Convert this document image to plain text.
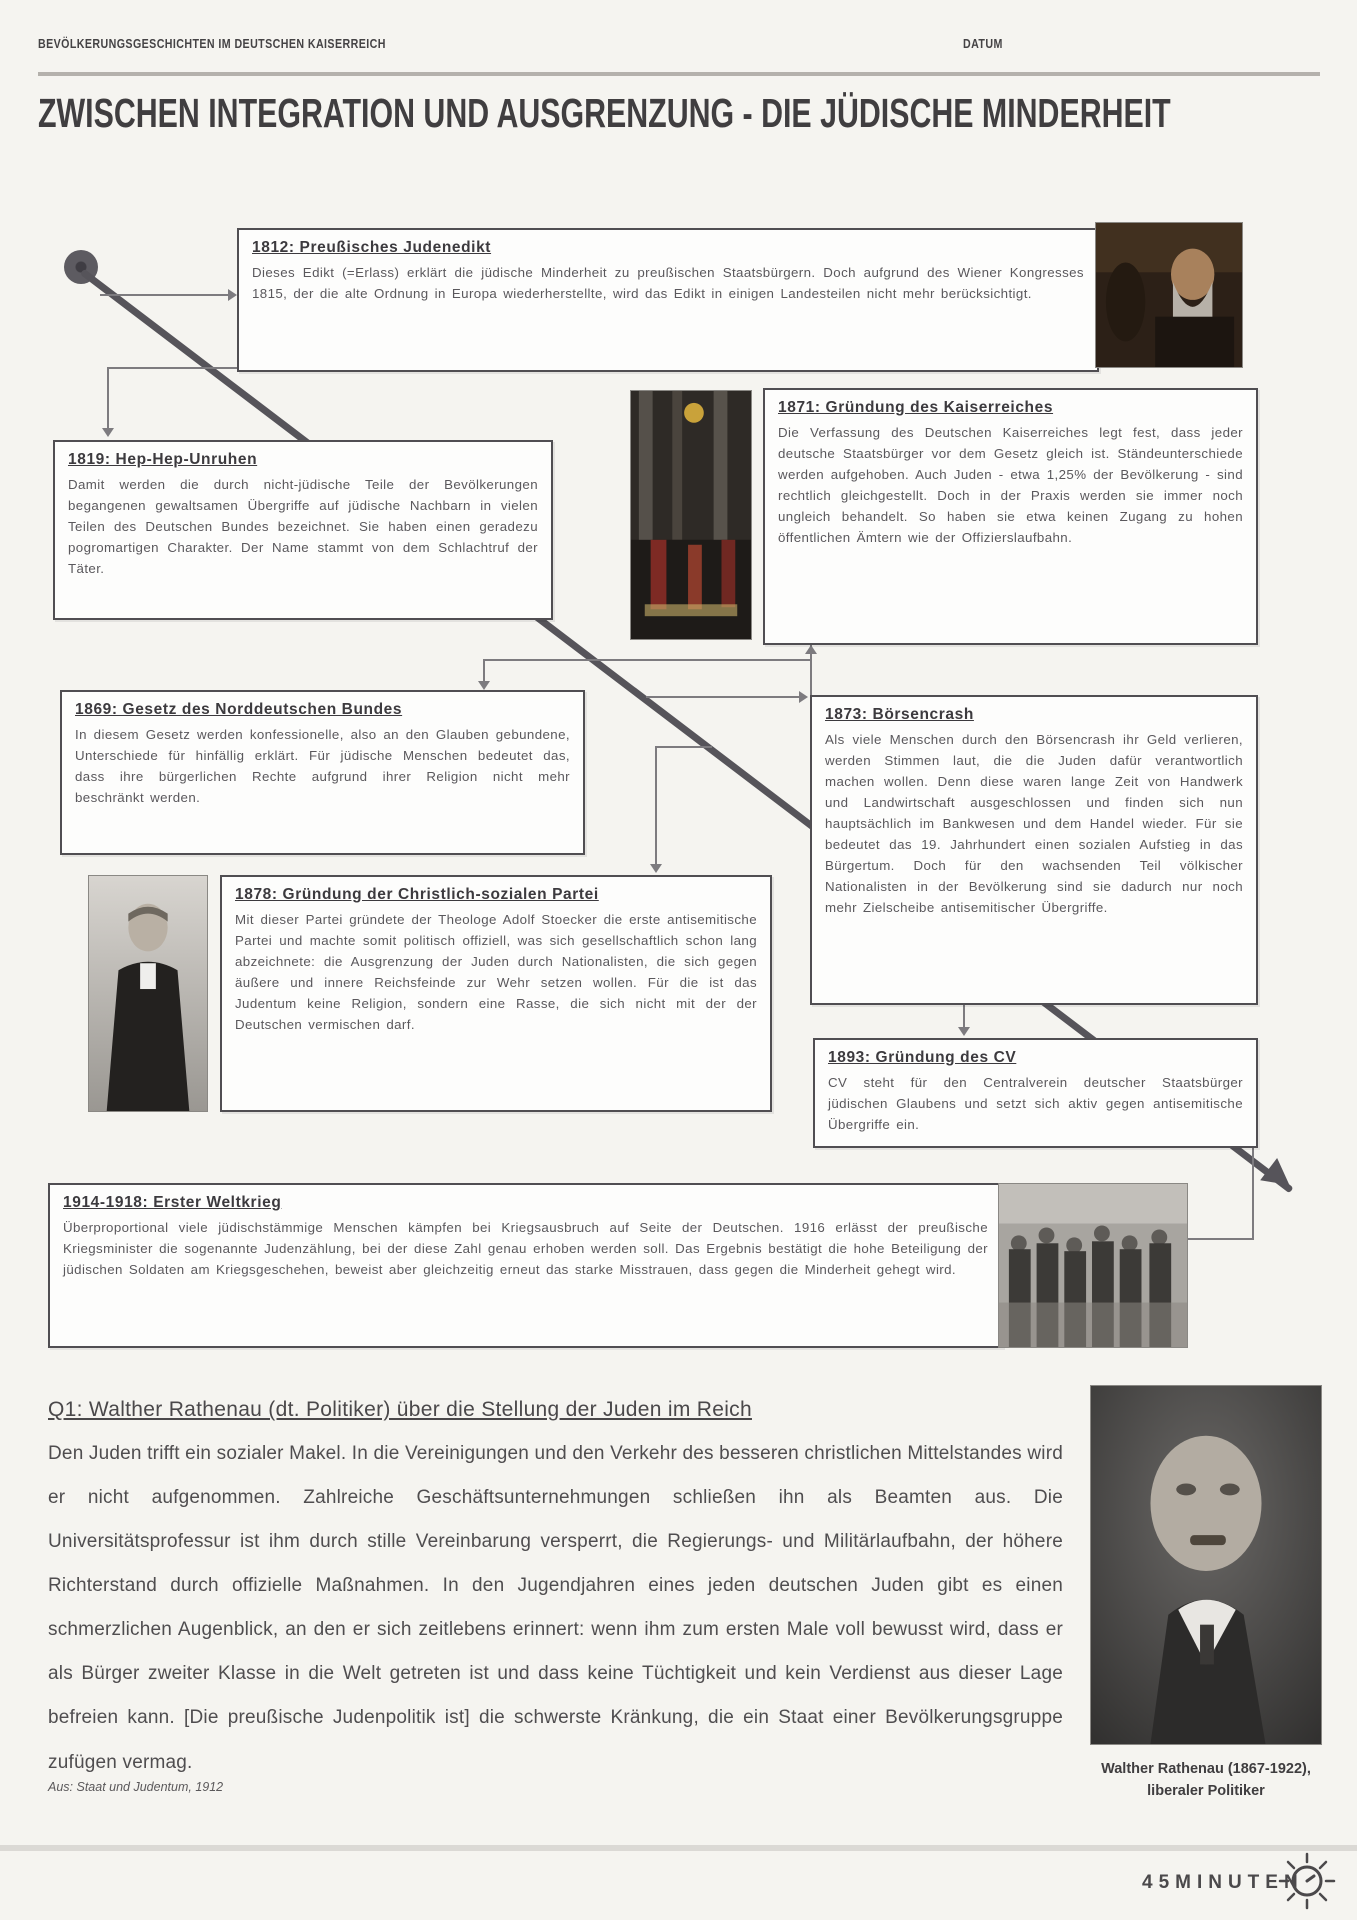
BEVÖLKERUNGSGESCHICHTEN IM DEUTSCHEN KAISERREICH	DATUM
ZWISCHEN INTEGRATION UND AUSGRENZUNG - DIE JÜDISCHE MINDERHEIT
1812: Preußisches Judenedikt

Dieses Edikt (=Erlass) erklärt die jüdische Minderheit zu preußischen Staatsbürgern. Doch aufgrund des Wiener Kongresses 1815, der die alte Ordnung in Europa wiederherstellte, wird das Edikt in einigen Landesteilen nicht mehr berücksichtigt.

1819: Hep-Hep-Unruhen

Damit werden die durch nicht-jüdische Teile der Bevölkerungen begangenen gewaltsamen Übergriffe auf jüdische Nachbarn in vielen Teilen des Deutschen Bundes bezeichnet. Sie haben einen geradezu pogromartigen Charakter. Der Name stammt von dem Schlachtruf der Täter.

1871: Gründung des Kaiserreiches

Die Verfassung des Deutschen Kaiserreiches legt fest, dass jeder deutsche Staatsbürger vor dem Gesetz gleich ist. Ständeunterschiede werden aufgehoben. Auch Juden - etwa 1,25% der Bevölkerung - sind rechtlich gleichgestellt. Doch in der Praxis werden sie immer noch ungleich behandelt. So haben sie etwa keinen Zugang zu hohen öffentlichen Ämtern wie der Offizierslaufbahn.

1869: Gesetz des Norddeutschen Bundes

In diesem Gesetz werden konfessionelle, also an den Glauben gebundene, Unterschiede für hinfällig erklärt. Für jüdische Menschen bedeutet das, dass ihre bürgerlichen Rechte aufgrund ihrer Religion nicht mehr beschränkt werden.

1873: Börsencrash

Als viele Menschen durch den Börsencrash ihr Geld verlieren, werden Stimmen laut, die die Juden dafür verantwortlich machen wollen. Denn diese waren lange Zeit von Handwerk und Landwirtschaft ausgeschlossen und finden sich nun hauptsächlich im Bankwesen und dem Handel wieder. Für sie bedeutet das 19. Jahrhundert einen sozialen Aufstieg in das Bürgertum. Doch für den wachsenden Teil völkischer Nationalisten in der Bevölkerung sind sie dadurch nur noch mehr Zielscheibe antisemitischer Übergriffe.

1878: Gründung der Christlich-sozialen Partei

Mit dieser Partei gründete der Theologe Adolf Stoecker die erste antisemitische Partei und machte somit politisch offiziell, was sich gesellschaftlich schon lang abzeichnete: die Ausgrenzung der Juden durch Nationalisten, die sich gegen äußere und innere Reichsfeinde zur Wehr setzen wollen. Für die ist das Judentum keine Religion, sondern eine Rasse, die sich nicht mit der der Deutschen vermischen darf.

1893: Gründung des CV

CV steht für den Centralverein deutscher Staatsbürger jüdischen Glaubens und setzt sich aktiv gegen antisemitische Übergriffe ein.

1914-1918: Erster Weltkrieg

Überproportional viele jüdischstämmige Menschen kämpfen bei Kriegsausbruch auf Seite der Deutschen. 1916 erlässt der preußische Kriegsminister die sogenannte Judenzählung, bei der diese Zahl genau erhoben werden soll. Das Ergebnis bestätigt die hohe Beteiligung der jüdischen Soldaten am Kriegsgeschehen, beweist aber gleichzeitig erneut das starke Misstrauen, dass gegen die Minderheit gehegt wird.

Q1: Walther Rathenau (dt. Politiker) über die Stellung der Juden im Reich
Den Juden trifft ein sozialer Makel. In die Vereinigungen und den Verkehr des besseren christlichen Mittelstandes wird er nicht aufgenommen. Zahlreiche Geschäftsunternehmungen schließen ihn als Beamten aus. Die Universitätsprofessur ist ihm durch stille Vereinbarung versperrt, die Regierungs- und Militärlaufbahn, der höhere Richterstand durch offizielle Maßnahmen. In den Jugendjahren eines jeden deutschen Juden gibt es einen schmerzlichen Augenblick, an den er sich zeitlebens erinnert: wenn ihm zum ersten Male voll bewusst wird, dass er als Bürger zweiter Klasse in die Welt getreten ist und dass keine Tüchtigkeit und kein Verdienst aus dieser Lage befreien kann. [Die preußische Judenpolitik ist] die schwerste Kränkung, die ein Staat einer Bevölkerungsgruppe zufügen vermag.
Aus: Staat und Judentum, 1912
Walther Rathenau (1867-1922), liberaler Politiker
45MINUTEN
